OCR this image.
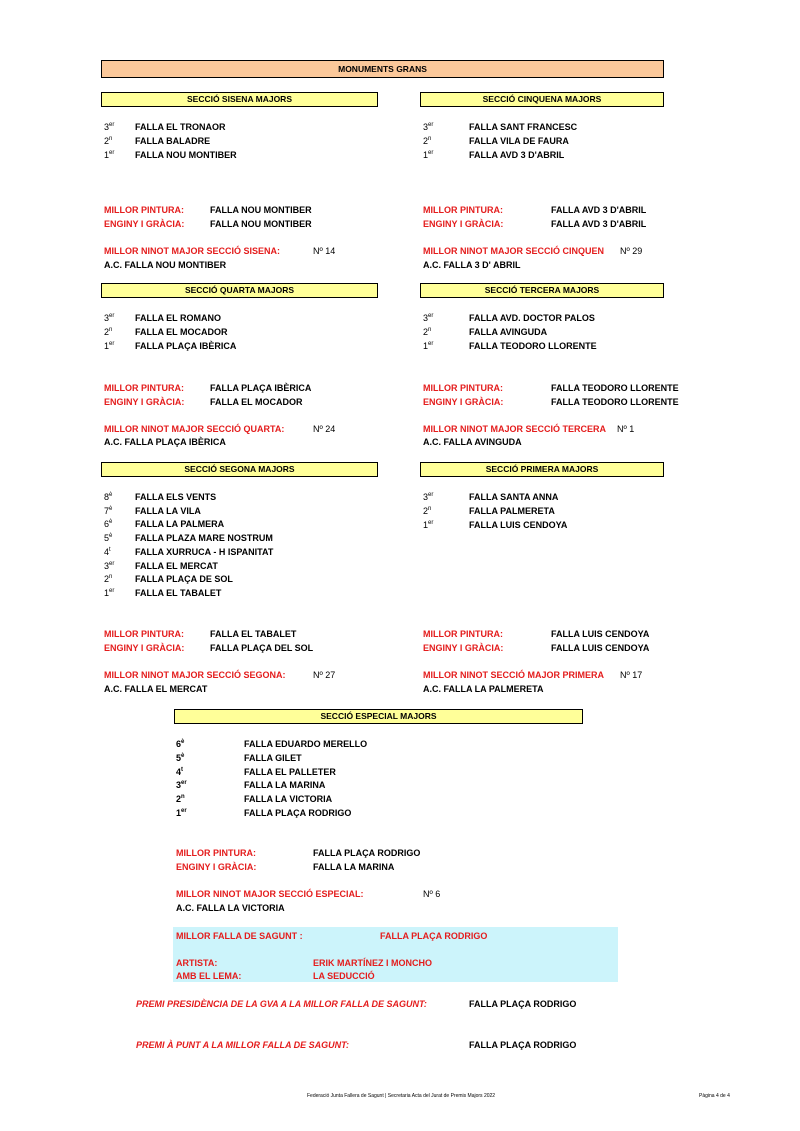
MONUMENTS GRANS
SECCIÓ SISENA MAJORS
3er FALLA EL TRONAOR
2$^n$	FALLA BALADRE
1er FALLA NOU MONTIBER
MILLOR PINTURA:	FALLA NOU MONTIBER
ENGINY I GRÀCIA:	FALLA NOU MONTIBER
MILLOR NINOT MAJOR SECCIÓ SISENA:	Nº 14
A.C. FALLA NOU MONTIBER
SECCIÓ CINQUENA MAJORS
3er	FALLA SANT FRANCESC
2$^n$	FALLA VILA DE FAURA
1er	FALLA AVD 3 D'ABRIL
MILLOR PINTURA:	FALLA AVD 3 D'ABRIL
ENGINY I GRÀCIA:	FALLA AVD 3 D'ABRIL
MILLOR NINOT MAJOR SECCIÓ CINQUEN Nº 29
A.C. FALLA 3 D' ABRIL
SECCIÓ QUARTA MAJORS
3er FALLA EL ROMANO
2$^n$	FALLA EL MOCADOR
1er FALLA PLAÇA IBÈRICA
MILLOR PINTURA:	FALLA PLAÇA IBÈRICA
ENGINY I GRÀCIA:	FALLA EL MOCADOR
MILLOR NINOT MAJOR SECCIÓ QUARTA:	Nº 24
A.C. FALLA PLAÇA IBÈRICA
SECCIÓ TERCERA MAJORS
3er	FALLA AVD. DOCTOR PALOS
2$^n$	FALLA AVINGUDA
1er	FALLA TEODORO LLORENTE
MILLOR PINTURA:	FALLA TEODORO LLORENTE
ENGINY I GRÀCIA:	FALLA TEODORO LLORENTE
MILLOR NINOT MAJOR SECCIÓ TERCERA Nº 1
A.C. FALLA AVINGUDA
SECCIÓ SEGONA MAJORS
$8^è$	FALLA ELS VENTS
$7^è$	FALLA LA VILA
$6^è$	FALLA LA PALMERA
$5^è$	FALLA PLAZA MARE NOSTRUM
4$^t$	FALLA XURRUCA - H ISPANITAT
3er FALLA EL MERCAT
2$^n$	FALLA PLAÇA DE SOL
1er FALLA EL TABALET
MILLOR PINTURA:	FALLA EL TABALET
ENGINY I GRÀCIA:	FALLA PLAÇA DEL SOL
MILLOR NINOT MAJOR SECCIÓ SEGONA:	Nº 27
A.C. FALLA EL MERCAT
SECCIÓ PRIMERA MAJORS
3er	FALLA SANTA ANNA
2$^n$	FALLA PALMERETA
1er	FALLA LUIS CENDOYA
MILLOR PINTURA:	FALLA LUIS CENDOYA
ENGINY I GRÀCIA:	FALLA LUIS CENDOYA
MILLOR NINOT SECCIÓ MAJOR PRIMERA Nº 17
A.C. FALLA LA PALMERETA
SECCIÓ ESPECIAL MAJORS
$6^è$	FALLA EDUARDO MERELLO
$5^è$	FALLA GILET
4$^t$	FALLA EL PALLETER
3er	FALLA LA MARINA
2$^n$	FALLA LA VICTORIA
1er	FALLA PLAÇA RODRIGO
MILLOR PINTURA:	FALLA PLAÇA RODRIGO
ENGINY I GRÀCIA:	FALLA LA MARINA
MILLOR NINOT MAJOR SECCIÓ ESPECIAL:	Nº 6
A.C. FALLA LA VICTORIA
MILLOR FALLA DE SAGUNT :	FALLA PLAÇA RODRIGO
ARTISTA:	ERIK MARTÍNEZ I MONCHO
AMB EL LEMA:	LA SEDUCCIÓ
PREMI PRESIDÈNCIA DE LA GVA A LA MILLOR FALLA DE SAGUNT:	FALLA PLAÇA RODRIGO
PREMI À PUNT A LA MILLOR FALLA DE SAGUNT:	FALLA PLAÇA RODRIGO
Federació Junta Fallera de Sagunt | Secretaria Acta del Jurat de Premis Majors 2022	Pàgina 4 de 4
